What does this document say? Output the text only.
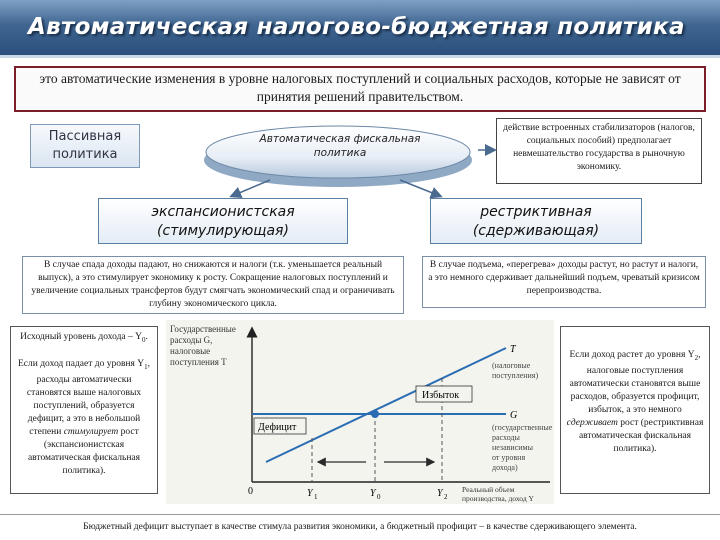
Автоматическая налогово-бюджетная политика
это автоматические изменения в уровне налоговых поступлений и социальных расходов, которые не зависят от принятия решений правительством.
Пассивная политика
Автоматическая фискальная политика
действие встроенных стабилизаторов (налогов, социальных пособий) предполагает невмешательство государства в рыночную экономику.
экспансионистская (стимулирующая)
рестриктивная (сдерживающая)
В случае спада доходы падают, но снижаются и налоги (т.к. уменьшается реальный выпуск), а это стимулирует экономику к росту. Сокращение налоговых поступлений и увеличение социальных трансфертов будут смягчать экономический спад и ограничивать глубину экономического цикла.
В случае подъема, «перегрева» доходы растут, но растут и налоги, а это немного сдерживает дальнейший подъем, чреватый кризисом перепроизводства.
Исходный уровень дохода – $Y_0$.
Если доход падает до уровня $Y_1$, расходы автоматически становятся выше налоговых поступлений, образуется дефицит, а это в небольшой степени стимулирует рост (экспансионистская автоматическая фискальная политика).
Государственные
расходы G,
налоговые
поступления T
T
(налоговые
поступления)
G
(государственные
расходы
независимы
от уровня
дохода)
Избыток
Дефицит
0	Y 1	Y 0	Y 2
Реальный объем
производства, доход Y
Если доход растет до уровня $Y_2$, налоговые поступления автоматически становятся выше расходов, образуется профицит, избыток, а это немного сдерживает рост (рестриктивная автоматическая фискальная политика).
Бюджетный дефицит выступает в качестве стимула развития экономики, а бюджетный профицит – в качестве сдерживающего элемента.
